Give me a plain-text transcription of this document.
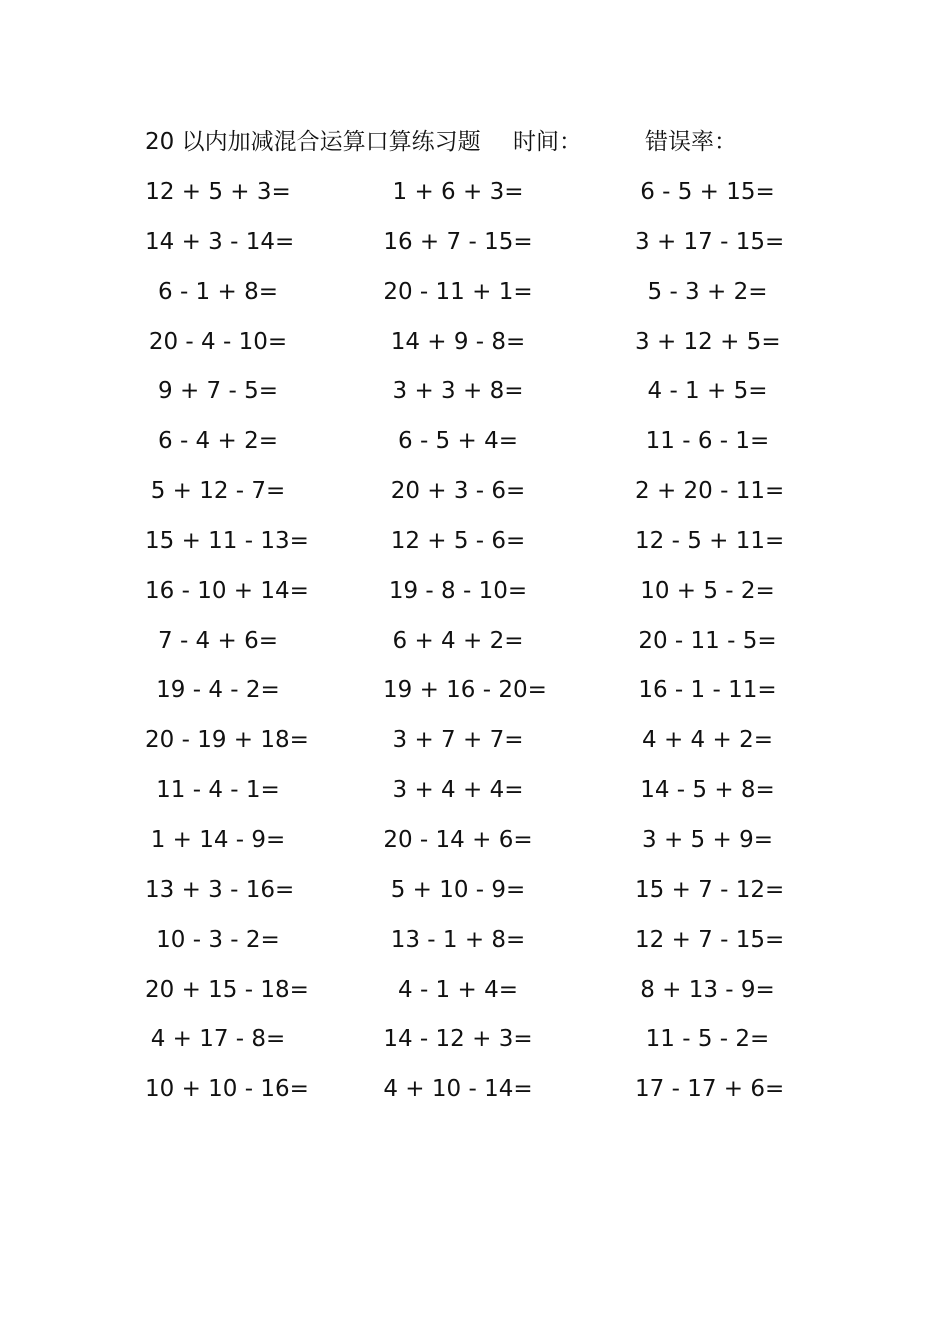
20 以内加减混合运算口算练习题 时间：	错误率：
12 + 5 + 3=	1 + 6 + 3=	6 - 5 + 15=
14 + 3 - 14=	16 + 7 - 15=	3 + 17 - 15=
6 - 1 + 8=	20 - 11 + 1=	5 - 3 + 2=
20 - 4 - 10=	14 + 9 - 8=	3 + 12 + 5=
9 + 7 - 5=	3 + 3 + 8=	4 - 1 + 5=
6 - 4 + 2=	6 - 5 + 4=	11 - 6 - 1=
5 + 12 - 7=	20 + 3 - 6=	2 + 20 - 11=
15 + 11 - 13=	12 + 5 - 6=	12 - 5 + 11=
16 - 10 + 14=	19 - 8 - 10=	10 + 5 - 2=
7 - 4 + 6=	6 + 4 + 2=	20 - 11 - 5=
19 - 4 - 2=	19 + 16 - 20=	16 - 1 - 11=
20 - 19 + 18=	3 + 7 + 7=	4 + 4 + 2=
11 - 4 - 1=	3 + 4 + 4=	14 - 5 + 8=
1 + 14 - 9=	20 - 14 + 6=	3 + 5 + 9=
13 + 3 - 16=	5 + 10 - 9=	15 + 7 - 12=
10 - 3 - 2=	13 - 1 + 8=	12 + 7 - 15=
20 + 15 - 18=	4 - 1 + 4=	8 + 13 - 9=
4 + 17 - 8=	14 - 12 + 3=	11 - 5 - 2=
10 + 10 - 16=	4 + 10 - 14=	17 - 17 + 6=
